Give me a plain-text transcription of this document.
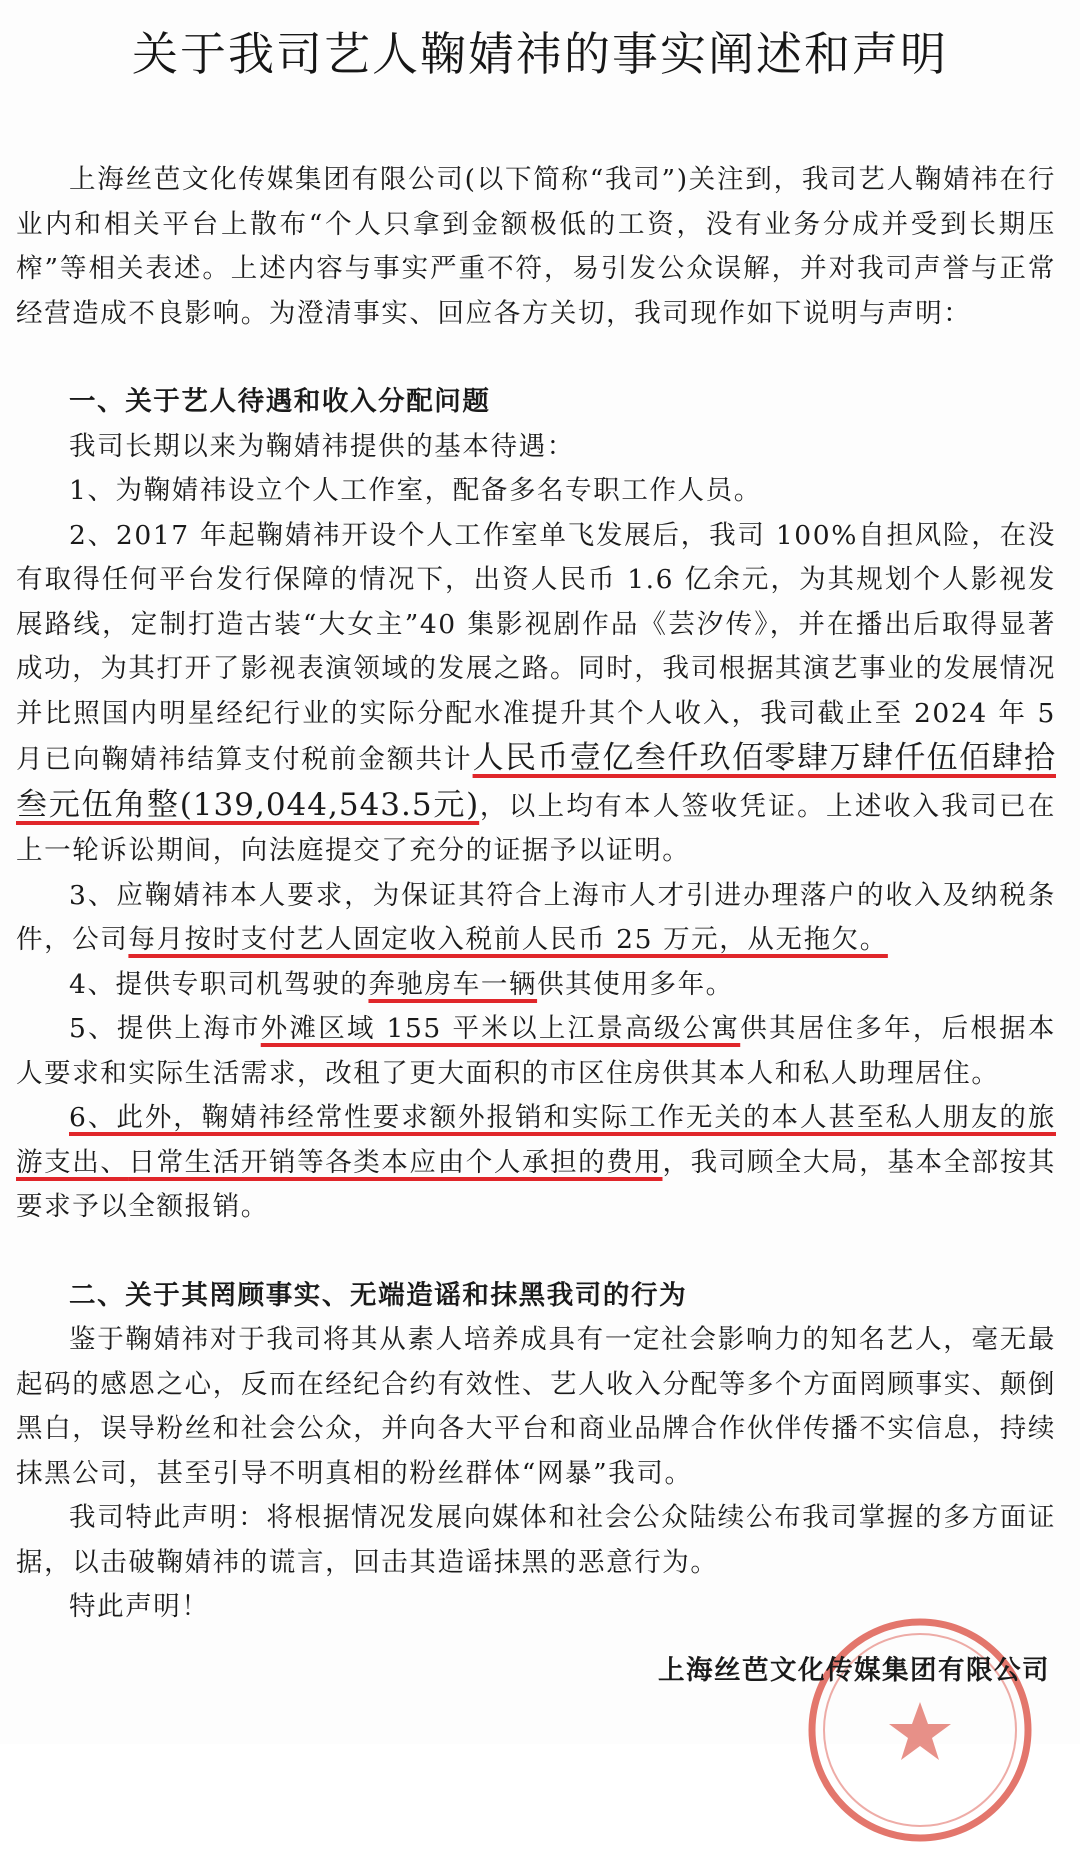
关于我司艺人鞠婧祎的事实阐述和声明

上海丝芭文化传媒集团有限公司(以下简称“我司”)关注到，我司艺人鞠婧祎在行业内和相关平台上散布“个人只拿到金额极低的工资，没有业务分成并受到长期压榨”等相关表述。上述内容与事实严重不符，易引发公众误解，并对我司声誉与正常经营造成不良影响。为澄清事实、回应各方关切，我司现作如下说明与声明：

一、关于艺人待遇和收入分配问题

我司长期以来为鞠婧祎提供的基本待遇：

1、为鞠婧祎设立个人工作室，配备多名专职工作人员。

2、2017 年起鞠婧祎开设个人工作室单飞发展后，我司 100%自担风险，在没有取得任何平台发行保障的情况下，出资人民币 1.6 亿余元，为其规划个人影视发展路线，定制打造古装“大女主”40 集影视剧作品《芸汐传》，并在播出后取得显著成功，为其打开了影视表演领域的发展之路。同时，我司根据其演艺事业的发展情况并比照国内明星经纪行业的实际分配水准提升其个人收入，我司截止至 2024 年 5 月已向鞠婧祎结算支付税前金额共计人民币壹亿叁仟玖佰零肆万肆仟伍佰肆拾叁元伍角整(139,044,543.5元)，以上均有本人签收凭证。上述收入我司已在上一轮诉讼期间，向法庭提交了充分的证据予以证明。

3、应鞠婧祎本人要求，为保证其符合上海市人才引进办理落户的收入及纳税条件，公司每月按时支付艺人固定收入税前人民币 25 万元，从无拖欠。

4、提供专职司机驾驶的奔驰房车一辆供其使用多年。

5、提供上海市外滩区域 155 平米以上江景高级公寓供其居住多年，后根据本人要求和实际生活需求，改租了更大面积的市区住房供其本人和私人助理居住。

6、此外，鞠婧祎经常性要求额外报销和实际工作无关的本人甚至私人朋友的旅游支出、日常生活开销等各类本应由个人承担的费用，我司顾全大局，基本全部按其要求予以全额报销。

二、关于其罔顾事实、无端造谣和抹黑我司的行为

鉴于鞠婧祎对于我司将其从素人培养成具有一定社会影响力的知名艺人，毫无最起码的感恩之心，反而在经纪合约有效性、艺人收入分配等多个方面罔顾事实、颠倒黑白，误导粉丝和社会公众，并向各大平台和商业品牌合作伙伴传播不实信息，持续抹黑公司，甚至引导不明真相的粉丝群体“网暴”我司。

我司特此声明：将根据情况发展向媒体和社会公众陆续公布我司掌握的多方面证据，以击破鞠婧祎的谎言，回击其造谣抹黑的恶意行为。

特此声明！

上海丝芭文化传媒集团有限公司
